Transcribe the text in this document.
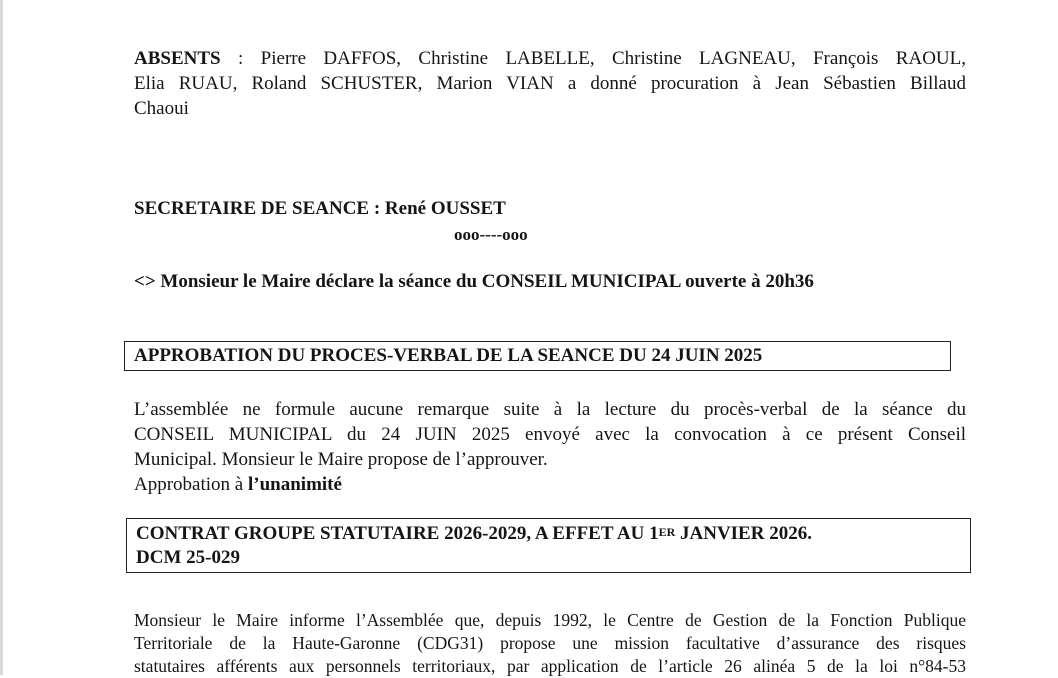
ABSENTS : Pierre DAFFOS, Christine LABELLE, Christine LAGNEAU, François RAOUL,
Elia RUAU, Roland SCHUSTER, Marion VIAN a donné procuration à Jean Sébastien Billaud
Chaoui
SECRETAIRE DE SEANCE : René OUSSET
ooo----ooo
<> Monsieur le Maire déclare la séance du CONSEIL MUNICIPAL ouverte à 20h36
APPROBATION DU PROCES-VERBAL DE LA SEANCE DU 24 JUIN 2025
L’assemblée ne formule aucune remarque suite à la lecture du procès-verbal de la séance du
CONSEIL MUNICIPAL du 24 JUIN 2025 envoyé avec la convocation à ce présent Conseil
Municipal. Monsieur le Maire propose de l’approuver.
Approbation à l’unanimité
CONTRAT GROUPE STATUTAIRE 2026-2029, A EFFET AU 1ER JANVIER 2026.
DCM 25-029
Monsieur le Maire informe l’Assemblée que, depuis 1992, le Centre de Gestion de la Fonction Publique
Territoriale de la Haute-Garonne (CDG31) propose une mission facultative d’assurance des risques
statutaires afférents aux personnels territoriaux, par application de l’article 26 alinéa 5 de la loi n°84-53
